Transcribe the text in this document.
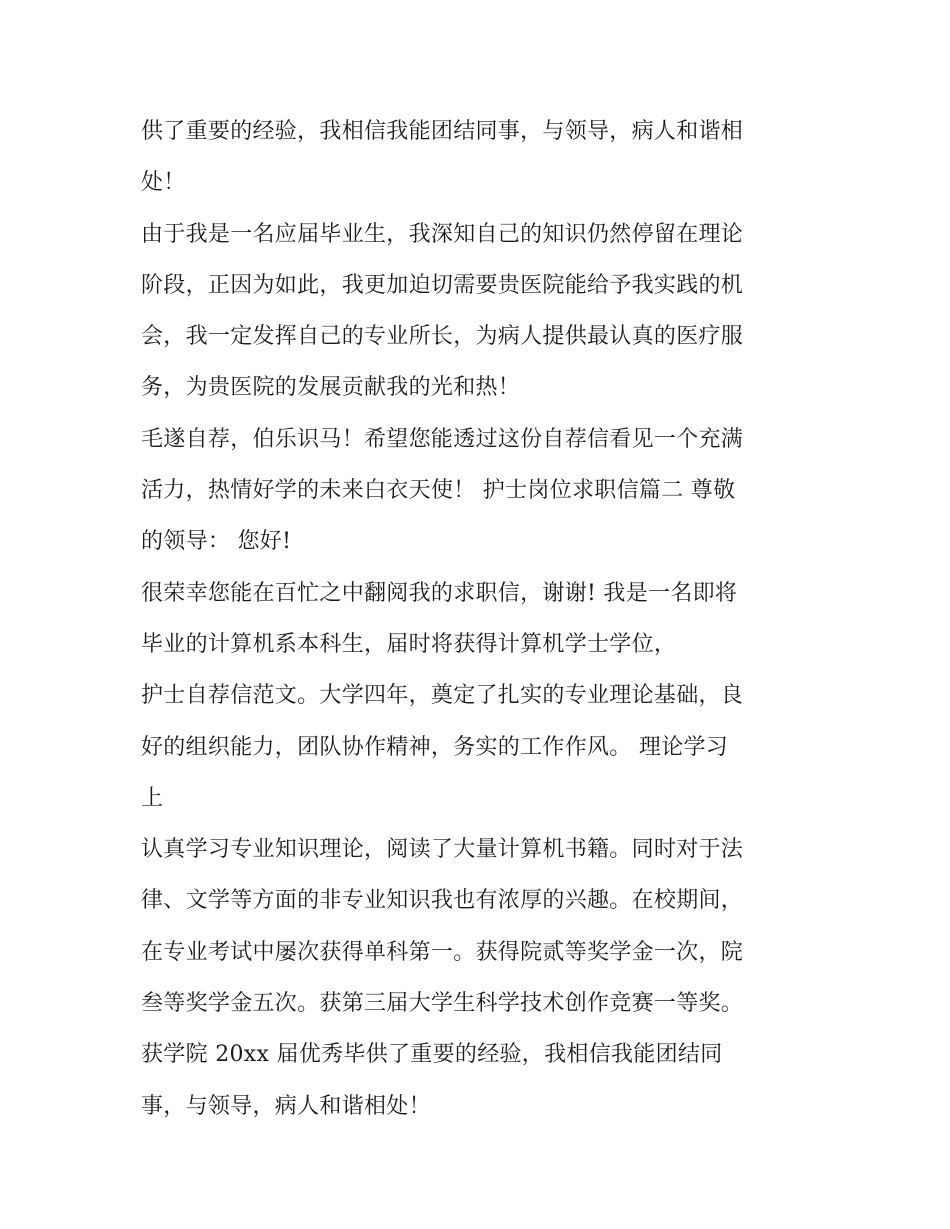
供了重要的经验，我相信我能团结同事，与领导，病人和谐相
处！
由于我是一名应届毕业生，我深知自己的知识仍然停留在理论
阶段，正因为如此，我更加迫切需要贵医院能给予我实践的机
会，我一定发挥自己的专业所长，为病人提供最认真的医疗服
务，为贵医院的发展贡献我的光和热！
毛遂自荐，伯乐识马！希望您能透过这份自荐信看见一个充满
活力，热情好学的未来白衣天使！ 护士岗位求职信篇二 尊敬
的领导： 您好!
很荣幸您能在百忙之中翻阅我的求职信，谢谢! 我是一名即将
毕业的计算机系本科生，届时将获得计算机学士学位，
护士自荐信范文。大学四年，奠定了扎实的专业理论基础，良
好的组织能力，团队协作精神，务实的工作作风。 理论学习
上
认真学习专业知识理论，阅读了大量计算机书籍。同时对于法
律、文学等方面的非专业知识我也有浓厚的兴趣。在校期间，
在专业考试中屡次获得单科第一。获得院贰等奖学金一次，院
叁等奖学金五次。获第三届大学生科学技术创作竞赛一等奖。
获学院 20xx 届优秀毕供了重要的经验，我相信我能团结同
事，与领导，病人和谐相处！
